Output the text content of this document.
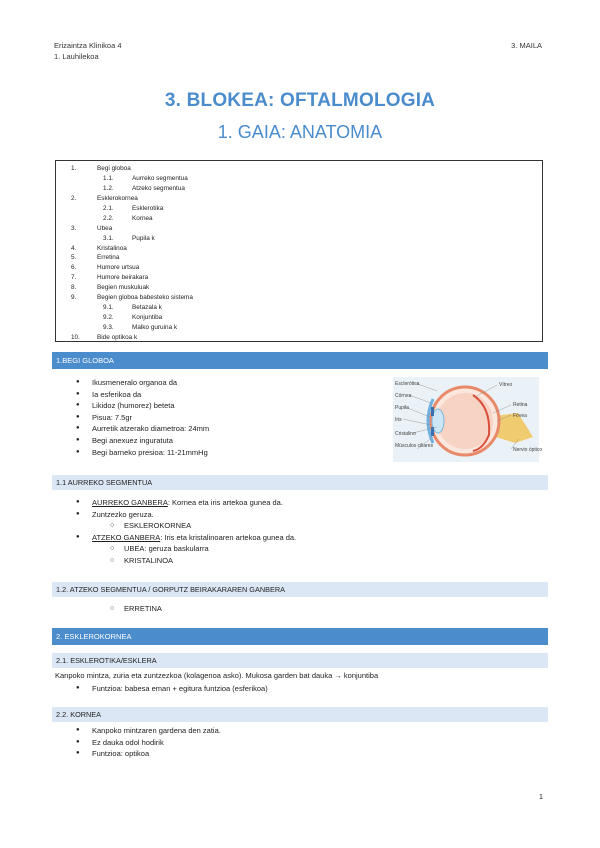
Erizaintza Klinikoa 4
1. Lauhilekoa
3. MAILA
3. BLOKEA: OFTALMOLOGIA
1. GAIA: ANATOMIA
1.	Begi globoa
1.1.	Aurreko segmentua
1.2.	Atzeko segmentua
2.	Esklerokornea
2.1.	Esklerotika
2.2.	Kornea
3.	Ubea
3.1.	Pupila k
4.	Kristalinoa
5.	Erretina
6.	Humore urtsua
7.	Humore beirakara
8.	Begien muskuluak
9.	Begien globoa babesteko sistema
9.1.	Betazala k
9.2.	Konjuntiba
9.3.	Malko guruina k
10.	Bide optikoa k
1.BEGI GLOBOA
● Ikusmeneralo organoa da
● Ia esferikoa da
● Likidoz (humorez) beteta
● Pisua: 7.5gr
● Aurretik atzerako diametroa: 24mm
● Begi anexuez inguratuta
● Begi barneko presioa: 11-21mmHg
Esclerótica
Córnea
Pupila
Iris
Cristalino
Músculos ciliares
Vítreo
Retina
Fóvea
Nervio óptico
1.1 AURREKO SEGMENTUA
● AURREKO GANBERA: Kornea eta iris artekoa gunea da.
● Zuntzezko geruza.
○ ESKLEROKORNEA
● ATZEKO GANBERA: Iris eta kristalinoaren artekoa gunea da.
○ UBEA: geruza baskularra
○ KRISTALINOA
1.2. ATZEKO SEGMENTUA / GORPUTZ BEIRAKARAREN GANBERA
○ ERRETINA
2. ESKLEROKORNEA
2.1. ESKLEROTIKA/ESKLERA
Kanpoko mintza, zuria eta zuntzezkoa (kolagenoa asko). Mukosa garden bat dauka → konjuntiba
● Funtzioa: babesa eman + egitura funtzioa (esferikoa)
2.2. KORNEA
● Kanpoko mintzaren gardena den zatia.
● Ez dauka odol hodirik
● Funtzioa: optikoa
1
